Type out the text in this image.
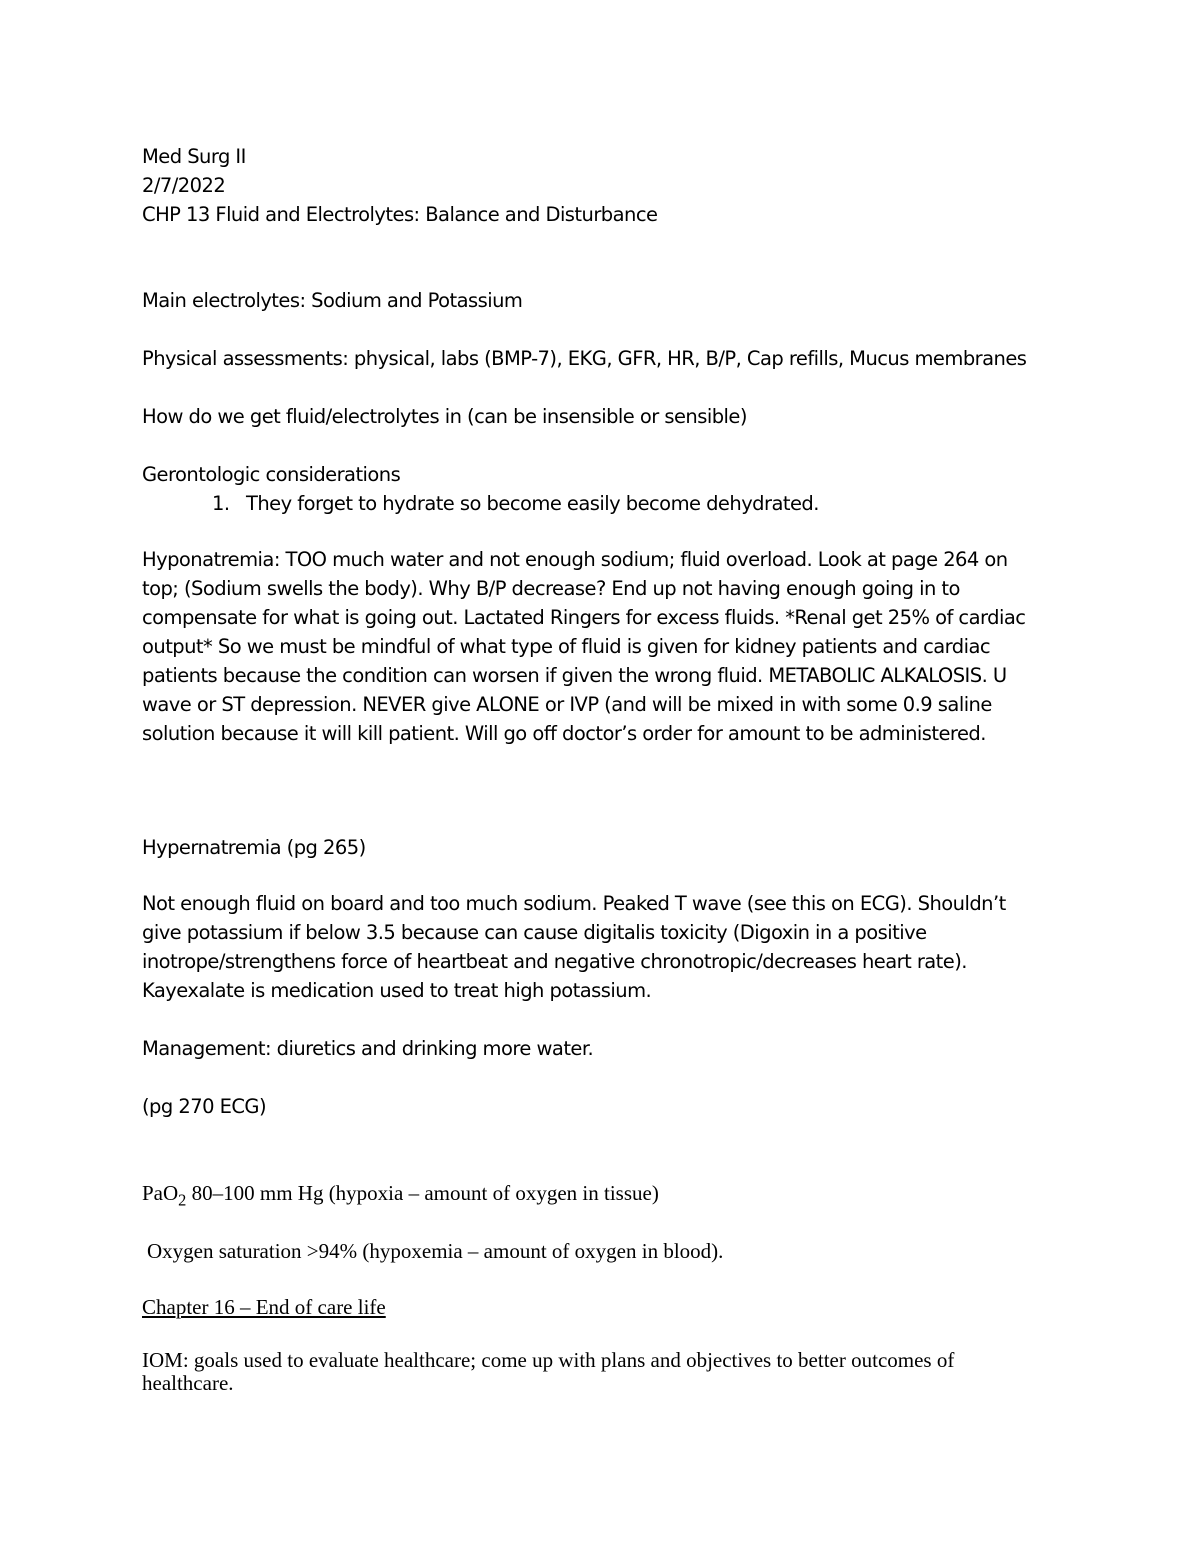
Med Surg II

2/7/2022

CHP 13 Fluid and Electrolytes: Balance and Disturbance

Main electrolytes: Sodium and Potassium

Physical assessments: physical, labs (BMP-7), EKG, GFR, HR, B/P, Cap refills, Mucus membranes

How do we get fluid/electrolytes in (can be insensible or sensible)

Gerontologic considerations

1. They forget to hydrate so become easily become dehydrated.
Hyponatremia: TOO much water and not enough sodium; fluid overload. Look at page 264 on
top; (Sodium swells the body). Why B/P decrease? End up not having enough going in to
compensate for what is going out. Lactated Ringers for excess fluids. *Renal get 25% of cardiac
output* So we must be mindful of what type of fluid is given for kidney patients and cardiac
patients because the condition can worsen if given the wrong fluid. METABOLIC ALKALOSIS. U
wave or ST depression. NEVER give ALONE or IVP (and will be mixed in with some 0.9 saline
solution because it will kill patient. Will go off doctor’s order for amount to be administered.

Hypernatremia (pg 265)

Not enough fluid on board and too much sodium. Peaked T wave (see this on ECG). Shouldn’t
give potassium if below 3.5 because can cause digitalis toxicity (Digoxin in a positive
inotrope/strengthens force of heartbeat and negative chronotropic/decreases heart rate).
Kayexalate is medication used to treat high potassium.

Management: diuretics and drinking more water.

(pg 270 ECG)

PaO$_2$ 80–100 mm Hg (hypoxia – amount of oxygen in tissue)

Oxygen saturation >94% (hypoxemia – amount of oxygen in blood).

Chapter 16 – End of care life

IOM: goals used to evaluate healthcare; come up with plans and objectives to better outcomes of
healthcare.
